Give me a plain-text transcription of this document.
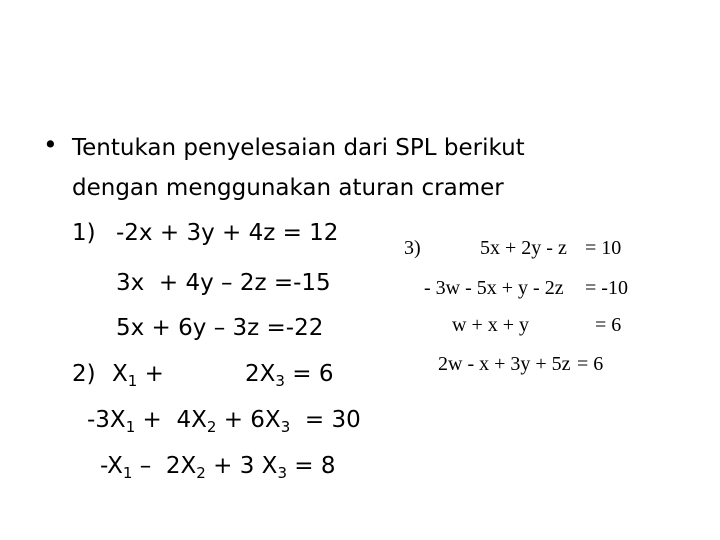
• Tentukan penyelesaian dari SPL berikut
dengan menggunakan aturan cramer
1) -2x + 3y + 4z = 12
3x  + 4y – 2z =-15
5x + 6y – 3z =-22
2) $X_1$ +	$2X_3 = 6$
$-3X_1 + 4X_2 + 6X_3 = 30$
$-X_1 - 2X_2 + 3$ $X_3 = 8$
3)

	5x + 2y - z

= 10

- 3w - 5x + y - 2z

= -10

w + x + y

	= 6

2w - x + 3y + 5z

= 6
